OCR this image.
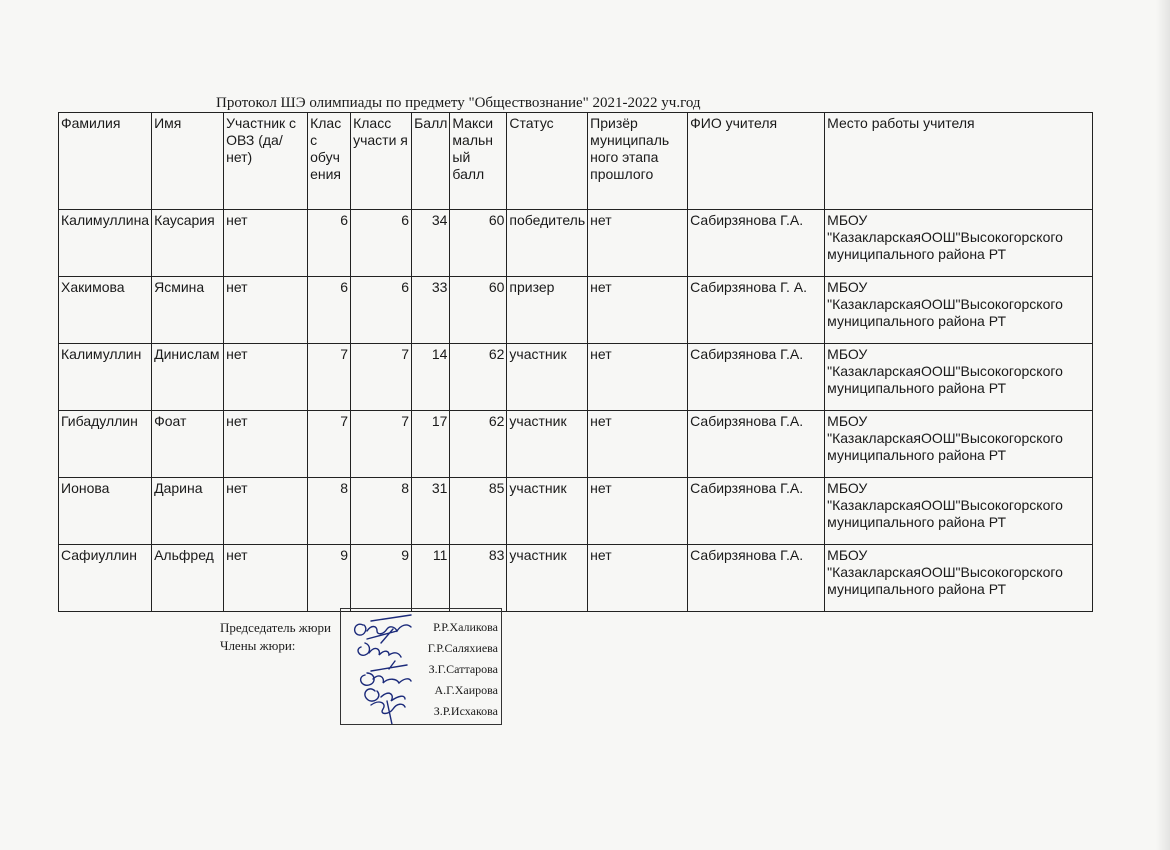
Протокол ШЭ олимпиады по предмету "Обществознание" 2021-2022 уч.год
Фамилия	Имя	Участник с ОВЗ (да/нет)	Клас с обуч ения	Класс участи я	Балл	Макси мальн ый балл	Статус	Призёр муниципаль ного этапа прошлого	ФИО учителя	Место работы учителя
Калимуллина	Каусария	нет	6	6	34	60	победитель	нет	Сабирзянова Г.А.	МБОУ "КазакларскаяООШ"Высокогорского муниципального района РТ
Хакимова	Ясмина	нет	6	6	33	60	призер	нет	Сабирзянова Г. А.	МБОУ "КазакларскаяООШ"Высокогорского муниципального района РТ
Калимуллин	Динислам	нет	7	7	14	62	участник	нет	Сабирзянова Г.А.	МБОУ "КазакларскаяООШ"Высокогорского муниципального района РТ
Гибадуллин	Фоат	нет	7	7	17	62	участник	нет	Сабирзянова Г.А.	МБОУ "КазакларскаяООШ"Высокогорского муниципального района РТ
Ионова	Дарина	нет	8	8	31	85	участник	нет	Сабирзянова Г.А.	МБОУ "КазакларскаяООШ"Высокогорского муниципального района РТ
Сафиуллин	Альфред	нет	9	9	11	83	участник	нет	Сабирзянова Г.А.	МБОУ "КазакларскаяООШ"Высокогорского муниципального района РТ
Председатель жюри
Члены жюри:
Р.Р.Халикова
Г.Р.Саляхиева
З.Г.Саттарова
А.Г.Хаирова
З.Р.Исхакова
